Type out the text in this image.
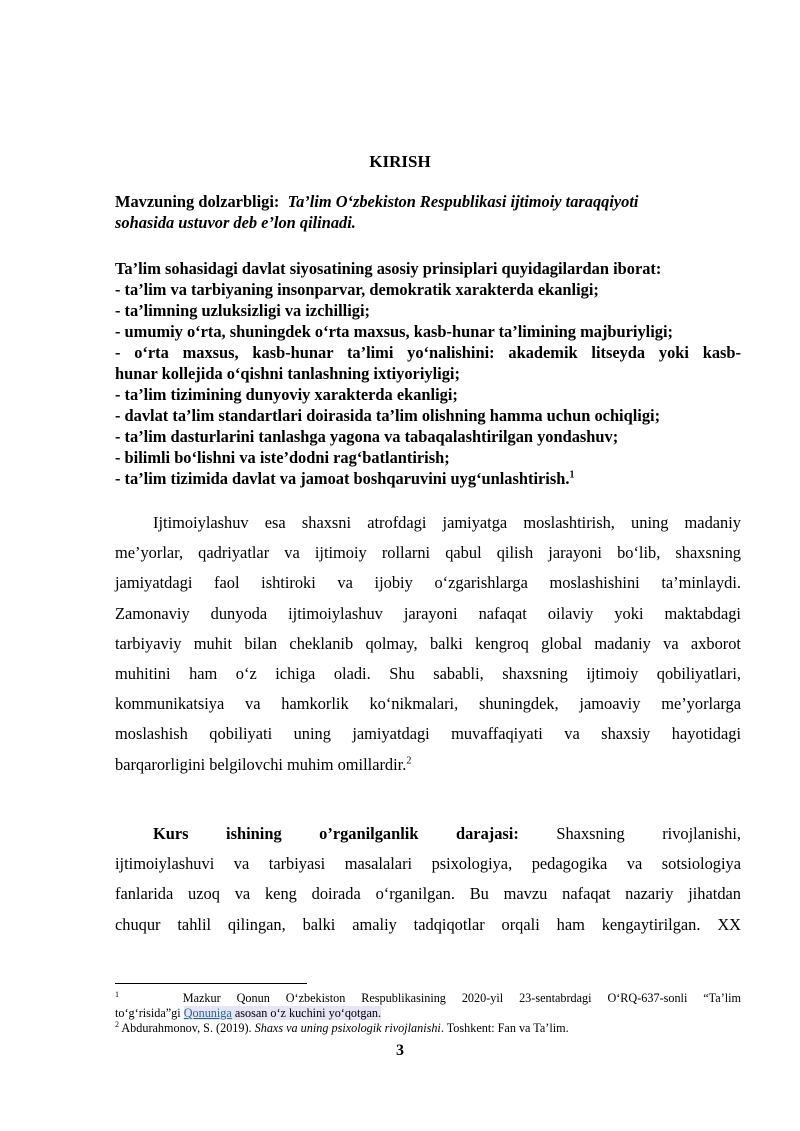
KIRISH
Mavzuning dolzarbligi: Ta’lim O‘zbekiston Respublikasi ijtimoiy taraqqiyoti
sohasida ustuvor deb e’lon qilinadi.
Ta’lim sohasidagi davlat siyosatining asosiy prinsiplari quyidagilardan iborat:
- ta’lim va tarbiyaning insonparvar, demokratik xarakterda ekanligi;
- ta’limning uzluksizligi va izchilligi;
- umumiy o‘rta, shuningdek o‘rta maxsus, kasb-hunar ta’limining majburiyligi;
- o‘rta maxsus, kasb-hunar ta’limi yo‘nalishini: akademik litseyda yoki kasb-
hunar kollejida o‘qishni tanlashning ixtiyoriyligi;
- ta’lim tizimining dunyoviy xarakterda ekanligi;
- davlat ta’lim standartlari doirasida ta’lim olishning hamma uchun ochiqligi;
- ta’lim dasturlarini tanlashga yagona va tabaqalashtirilgan yondashuv;
- bilimli bo‘lishni va iste’dodni rag‘batlantirish;
- ta’lim tizimida davlat va jamoat boshqaruvini uyg‘unlashtirish.$^1$
Ijtimoiylashuv esa shaxsni atrofdagi jamiyatga moslashtirish, uning madaniy
me’yorlar, qadriyatlar va ijtimoiy rollarni qabul qilish jarayoni bo‘lib, shaxsning
jamiyatdagi faol ishtiroki va ijobiy o‘zgarishlarga moslashishini ta’minlaydi.
Zamonaviy dunyoda ijtimoiylashuv jarayoni nafaqat oilaviy yoki maktabdagi
tarbiyaviy muhit bilan cheklanib qolmay, balki kengroq global madaniy va axborot
muhitini ham o‘z ichiga oladi. Shu sababli, shaxsning ijtimoiy qobiliyatlari,
kommunikatsiya va hamkorlik ko‘nikmalari, shuningdek, jamoaviy me’yorlarga
moslashish qobiliyati uning jamiyatdagi muvaffaqiyati va shaxsiy hayotidagi
barqarorligini belgilovchi muhim omillardir.$^2$
Kurs ishining o’rganilganlik darajasi: Shaxsning rivojlanishi,
ijtimoiylashuvi va tarbiyasi masalalari psixologiya, pedagogika va sotsiologiya
fanlarida uzoq va keng doirada o‘rganilgan. Bu mavzu nafaqat nazariy jihatdan
chuqur tahlil qilingan, balki amaliy tadqiqotlar orqali ham kengaytirilgan. XX
$^1$	Mazkur Qonun O‘zbekiston Respublikasining 2020-yil 23-sentabrdagi O‘RQ-637-sonli “Ta’lim
to‘g‘risida”gi Qonuniga asosan o‘z kuchini yo‘qotgan.
$^2$ Abdurahmonov, S. (2019). Shaxs va uning psixologik rivojlanishi. Toshkent: Fan va Ta’lim.
3
